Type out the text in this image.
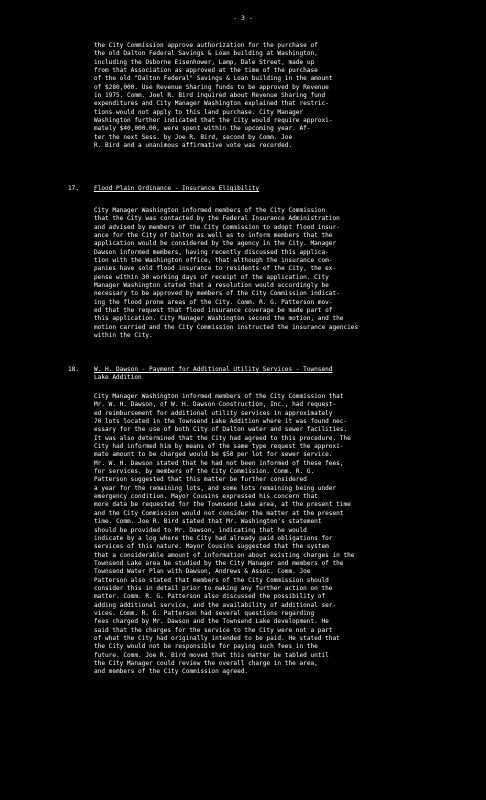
- 3 -
the City Commission approve authorization for the purchase of
the old Dalton Federal Savings & Loan building at Washington,
including the Osborne Eisenhower, Lamp, Dale Street, made up
from that Association as approved at the time of the purchase
of the old "Dalton Federal" Savings & Loan building in the amount
of $280,000. Use Revenue Sharing funds to be approved by Revenue
in 1975. Comm. Joel R. Bird inquired about Revenue Sharing fund
expenditures and City Manager Washington explained that restric-
tions would not apply to this land purchase. City Manager
Washington further indicated that the City would require approxi-
mately $40,000.00, were spent within the upcoming year. Af-
ter the next Sess. by Joe R. Bird, second by Comm. Joe
R. Bird and a unanimous affirmative vote was recorded.
17. Flood Plain Ordinance - Insurance Eligibility
City Manager Washington informed members of the City Commission
that the City was contacted by the Federal Insurance Administration
and advised by members of the City Commission to adopt flood insur-
ance for the City of Dalton as well as to inform members that the
application would be considered by the agency in the City. Manager
Dawson informed members, having recently discussed this applica-
tion with the Washington office, that although the insurance com-
panies have sold flood insurance to residents of the City, the ex-
pense within 30 working days of receipt of the application. City
Manager Washington stated that a resolution would accordingly be
necessary to be approved by members of the City Commission indicat-
ing the flood prone areas of the City. Comm. R. G. Patterson mov-
ed that the request that flood insurance coverage be made part of
this application. City Manager Washington second the motion, and the
motion carried and the City Commission instructed the insurance agencies
within the City.
18. W. H. Dawson - Payment for Additional Utility Services - Townsend
Lake Addition
City Manager Washington informed members of the City Commission that
Mr. W. H. Dawson, of W. H. Dawson Construction, Inc., had request-
ed reimbursement for additional utility services in approximately
70 lots located in the Townsend Lake Addition where it was found nec-
essary for the use of both City of Dalton water and sewer facilities.
It was also determined that the City had agreed to this procedure. The
City had informed him by means of the same type request the approxi-
mate amount to be charged would be $50 per lot for sewer service.
Mr. W. H. Dawson stated that he had not been informed of these fees,
for services, by members of the City Commission. Comm. R. G.
Patterson suggested that this matter be further considered
a year for the remaining lots, and some lots remaining being under
emergency condition. Mayor Cousins expressed his concern that
more data be requested for the Townsend Lake area, at the present time
and the City Commission would not consider the matter at the present
time. Comm. Joe R. Bird stated that Mr. Washington's statement
should be provided to Mr. Dawson, indicating that he would
indicate by a log where the City had already paid obligations for
services of this nature. Mayor Cousins suggested that the system
that a considerable amount of information about existing charges in the
Townsend Lake area be studied by the City Manager and members of the
Townsend Water Plan with Dawson, Andrews & Assoc. Comm. Joe
Patterson also stated that members of the City Commission should
consider this in detail prior to making any further action on the
matter. Comm. R. G. Patterson also discussed the possibility of
adding additional service, and the availability of additional ser-
vices. Comm. R. G. Patterson had several questions regarding
fees charged by Mr. Dawson and the Townsend Lake development. He
said that the charges for the service to the City were not a part
of what the City had originally intended to be paid. He stated that
the City would not be responsible for paying such fees in the
future. Comm. Joe R. Bird moved that this matter be tabled until
the City Manager could review the overall charge in the area,
and members of the City Commission agreed.
